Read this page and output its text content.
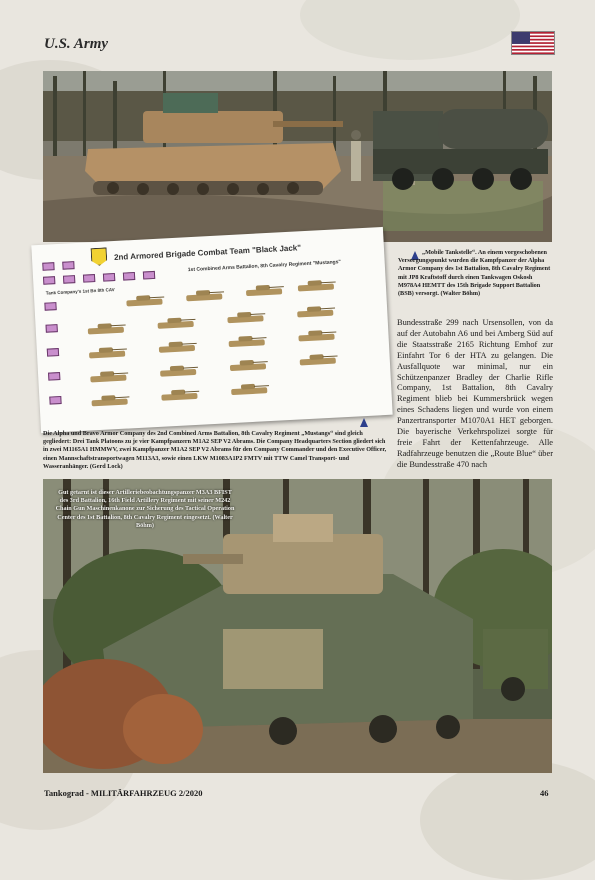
U.S. Army
2nd Armored Brigade Combat Team "Black Jack"
1st Combined Arms Battalion, 8th Cavalry Regiment "Mustangs"
Tank Company's 1st Bn 8th CAV

„Mobile Tankstelle“. An einem vorgeschobenen Versorgungspunkt wurden die Kampfpanzer der Alpha Armor Company des 1st Battalion, 8th Cavalry Regiment mit JP8 Kraftstoff durch einen Tankwagen Oskosh M978A4 HEMTT des 15th Brigade Support Battalion (BSB) versorgt. (Walter Böhm)

Die Alpha und Bravo Armor Company des 2nd Combined Arms Battalion, 8th Cavalry Regiment „Mustangs“ sind gleich gegliedert: Drei Tank Platoons zu je vier Kampfpanzern M1A2 SEP V2 Abrams. Die Company Headquarters Section gliedert sich in zwei M1165A1 HMMWV, zwei Kampfpanzer M1A2 SEP V2 Abrams für den Company Commander und den Executive Officer, einen Mannschaftstransportwagen M113A3, sowie einen LKW M1083A1P2 FMTV mit TTW Camel Transport- und Wasseranhänger. (Gerd Lock)

Bundesstraße 299 nach Ursensollen, von da auf der Autobahn A6 und bei Amberg Süd auf die Staatsstraße 2165 Richtung Emhof zur Einfahrt Tor 6 der HTA zu gelangen. Die Ausfallquote war minimal, nur ein Schützenpanzer Bradley der Charlie Rifle Company, 1st Battalion, 8th Cavalry Regiment blieb bei Kummersbrück wegen eines Schadens liegen und wurde von einem Panzertransporter M1070A1 HET geborgen. Die bayerische Verkehrspolizei sorgte für freie Fahrt der Kettenfahrzeuge. Alle Radfahrzeuge benutzen die „Route Blue“ über die Bundesstraße 470 nach

Gut getarnt ist dieser Artilleriebeobachtungspanzer M3A3 BFIST des 3rd Battalion, 16th Field Artillery Regiment mit seiner M242 Chain Gun Maschinenkanone zur Sicherung des Tactical Operation Center des 1st Battalion, 8th Cavalry Regiment eingesetzt. (Walter Böhm)

Tankograd - MILITÄRFAHRZEUG 2/2020	46
